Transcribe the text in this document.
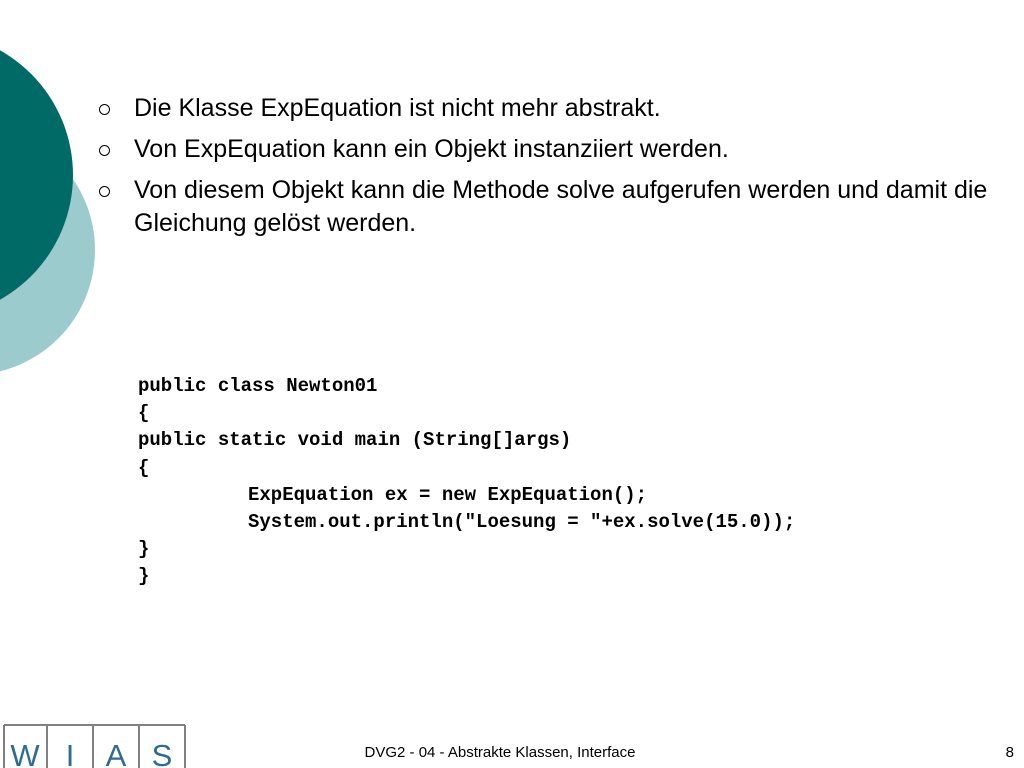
Die Klasse ExpEquation ist nicht mehr abstrakt.
Von ExpEquation kann ein Objekt instanziiert werden.
Von diesem Objekt kann die Methode solve aufgerufen werden und damit die Gleichung gelöst werden.
public class Newton01
{
public static void main (String[]args)
{
ExpEquation ex = new ExpEquation();
System.out.println("Loesung = "+ex.solve(15.0));
}
}
W I A S	DVG2 - 04 - Abstrakte Klassen, Interface	8
